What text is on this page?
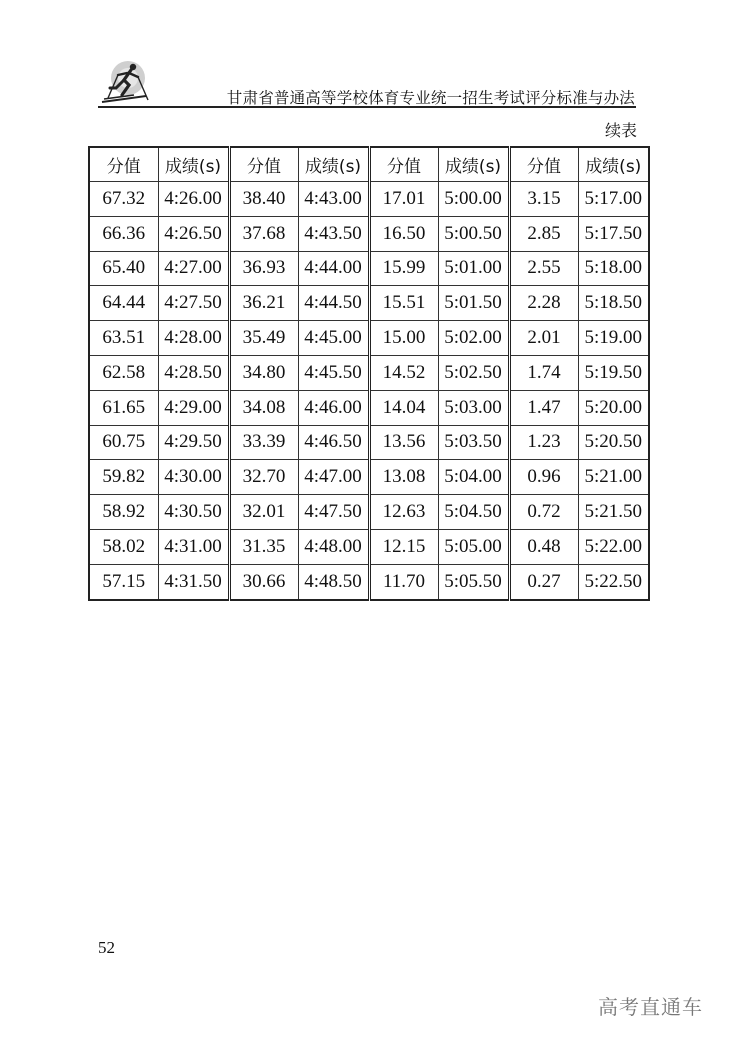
甘肃省普通高等学校体育专业统一招生考试评分标准与办法
续表
分值	成绩(s)	分值	成绩(s)	分值	成绩(s)	分值	成绩(s)
67.32	4:26.00	38.40	4:43.00	17.01	5:00.00	3.15	5:17.00
66.36	4:26.50	37.68	4:43.50	16.50	5:00.50	2.85	5:17.50
65.40	4:27.00	36.93	4:44.00	15.99	5:01.00	2.55	5:18.00
64.44	4:27.50	36.21	4:44.50	15.51	5:01.50	2.28	5:18.50
63.51	4:28.00	35.49	4:45.00	15.00	5:02.00	2.01	5:19.00
62.58	4:28.50	34.80	4:45.50	14.52	5:02.50	1.74	5:19.50
61.65	4:29.00	34.08	4:46.00	14.04	5:03.00	1.47	5:20.00
60.75	4:29.50	33.39	4:46.50	13.56	5:03.50	1.23	5:20.50
59.82	4:30.00	32.70	4:47.00	13.08	5:04.00	0.96	5:21.00
58.92	4:30.50	32.01	4:47.50	12.63	5:04.50	0.72	5:21.50
58.02	4:31.00	31.35	4:48.00	12.15	5:05.00	0.48	5:22.00
57.15	4:31.50	30.66	4:48.50	11.70	5:05.50	0.27	5:22.50
52
高考直通车
